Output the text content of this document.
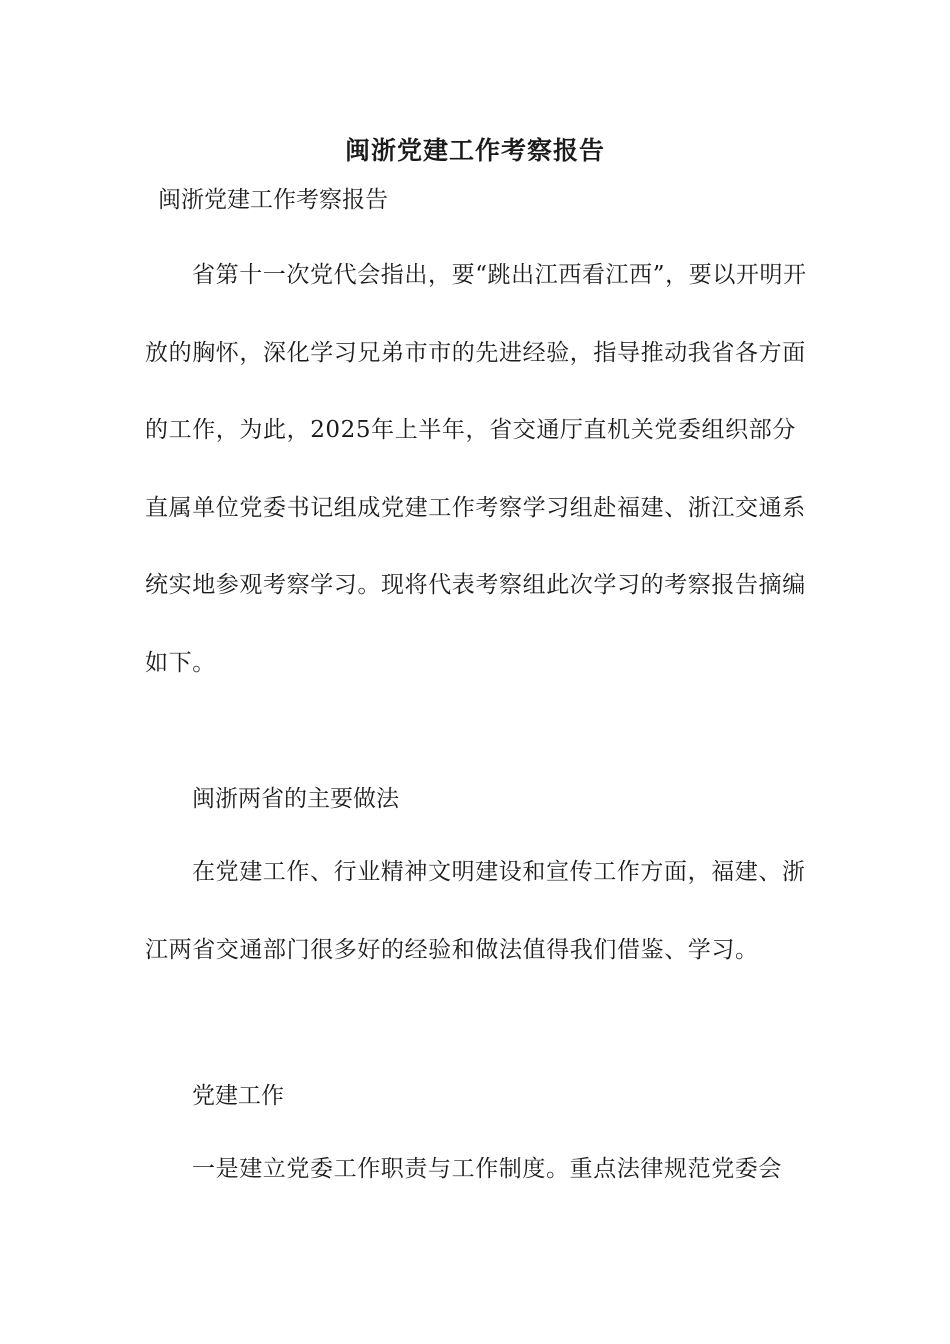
闽浙党建工作考察报告
闽浙党建工作考察报告
省第十一次党代会指出，要“跳出江西看江西”，要以开明开放的胸怀，深化学习兄弟市市的先进经验，指导推动我省各方面的工作，为此，2025年上半年，省交通厅直机关党委组织部分直属单位党委书记组成党建工作考察学习组赴福建、浙江交通系统实地参观考察学习。现将代表考察组此次学习的考察报告摘编如下。
闽浙两省的主要做法
在党建工作、行业精神文明建设和宣传工作方面，福建、浙江两省交通部门很多好的经验和做法值得我们借鉴、学习。
党建工作
一是建立党委工作职责与工作制度。重点法律规范党委会
